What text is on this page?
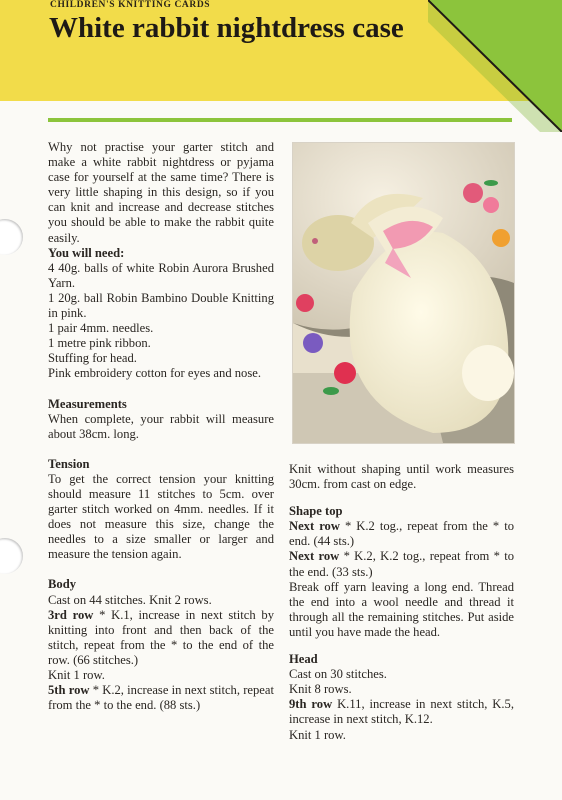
CHILDREN'S KNITTING CARDS
White rabbit nightdress case

Why not practise your garter stitch and make a white rabbit nightdress or pyjama case for yourself at the same time? There is very little shaping in this design, so if you can knit and increase and decrease stitches you should be able to make the rabbit quite easily.

You will need:

4 40g. balls of white Robin Aurora Brushed Yarn.

1 20g. ball Robin Bambino Double Knitting in pink.

1 pair 4mm. needles.

1 metre pink ribbon.

Stuffing for head.

Pink embroidery cotton for eyes and nose.

Measurements

When complete, your rabbit will measure about 38cm. long.

Tension

To get the correct tension your knitting should measure 11 stitches to 5cm. over garter stitch worked on 4mm. needles. If it does not measure this size, change the needles to a size smaller or larger and measure the tension again.

Body

Cast on 44 stitches. Knit 2 rows.

3rd row * K.1, increase in next stitch by knitting into front and then back of the stitch, repeat from the * to the end of the row. (66 stitches.)

Knit 1 row.

5th row * K.2, increase in next stitch, repeat from the * to the end. (88 sts.)

Knit without shaping until work measures 30cm. from cast on edge.

Shape top

Next row * K.2 tog., repeat from the * to end. (44 sts.)

Next row * K.2, K.2 tog., repeat from * to the end. (33 sts.)

Break off yarn leaving a long end. Thread the end into a wool needle and thread it through all the remaining stitches. Put aside until you have made the head.

Head

Cast on 30 stitches.

Knit 8 rows.

9th row K.11, increase in next stitch, K.5, increase in next stitch, K.12.

Knit 1 row.
